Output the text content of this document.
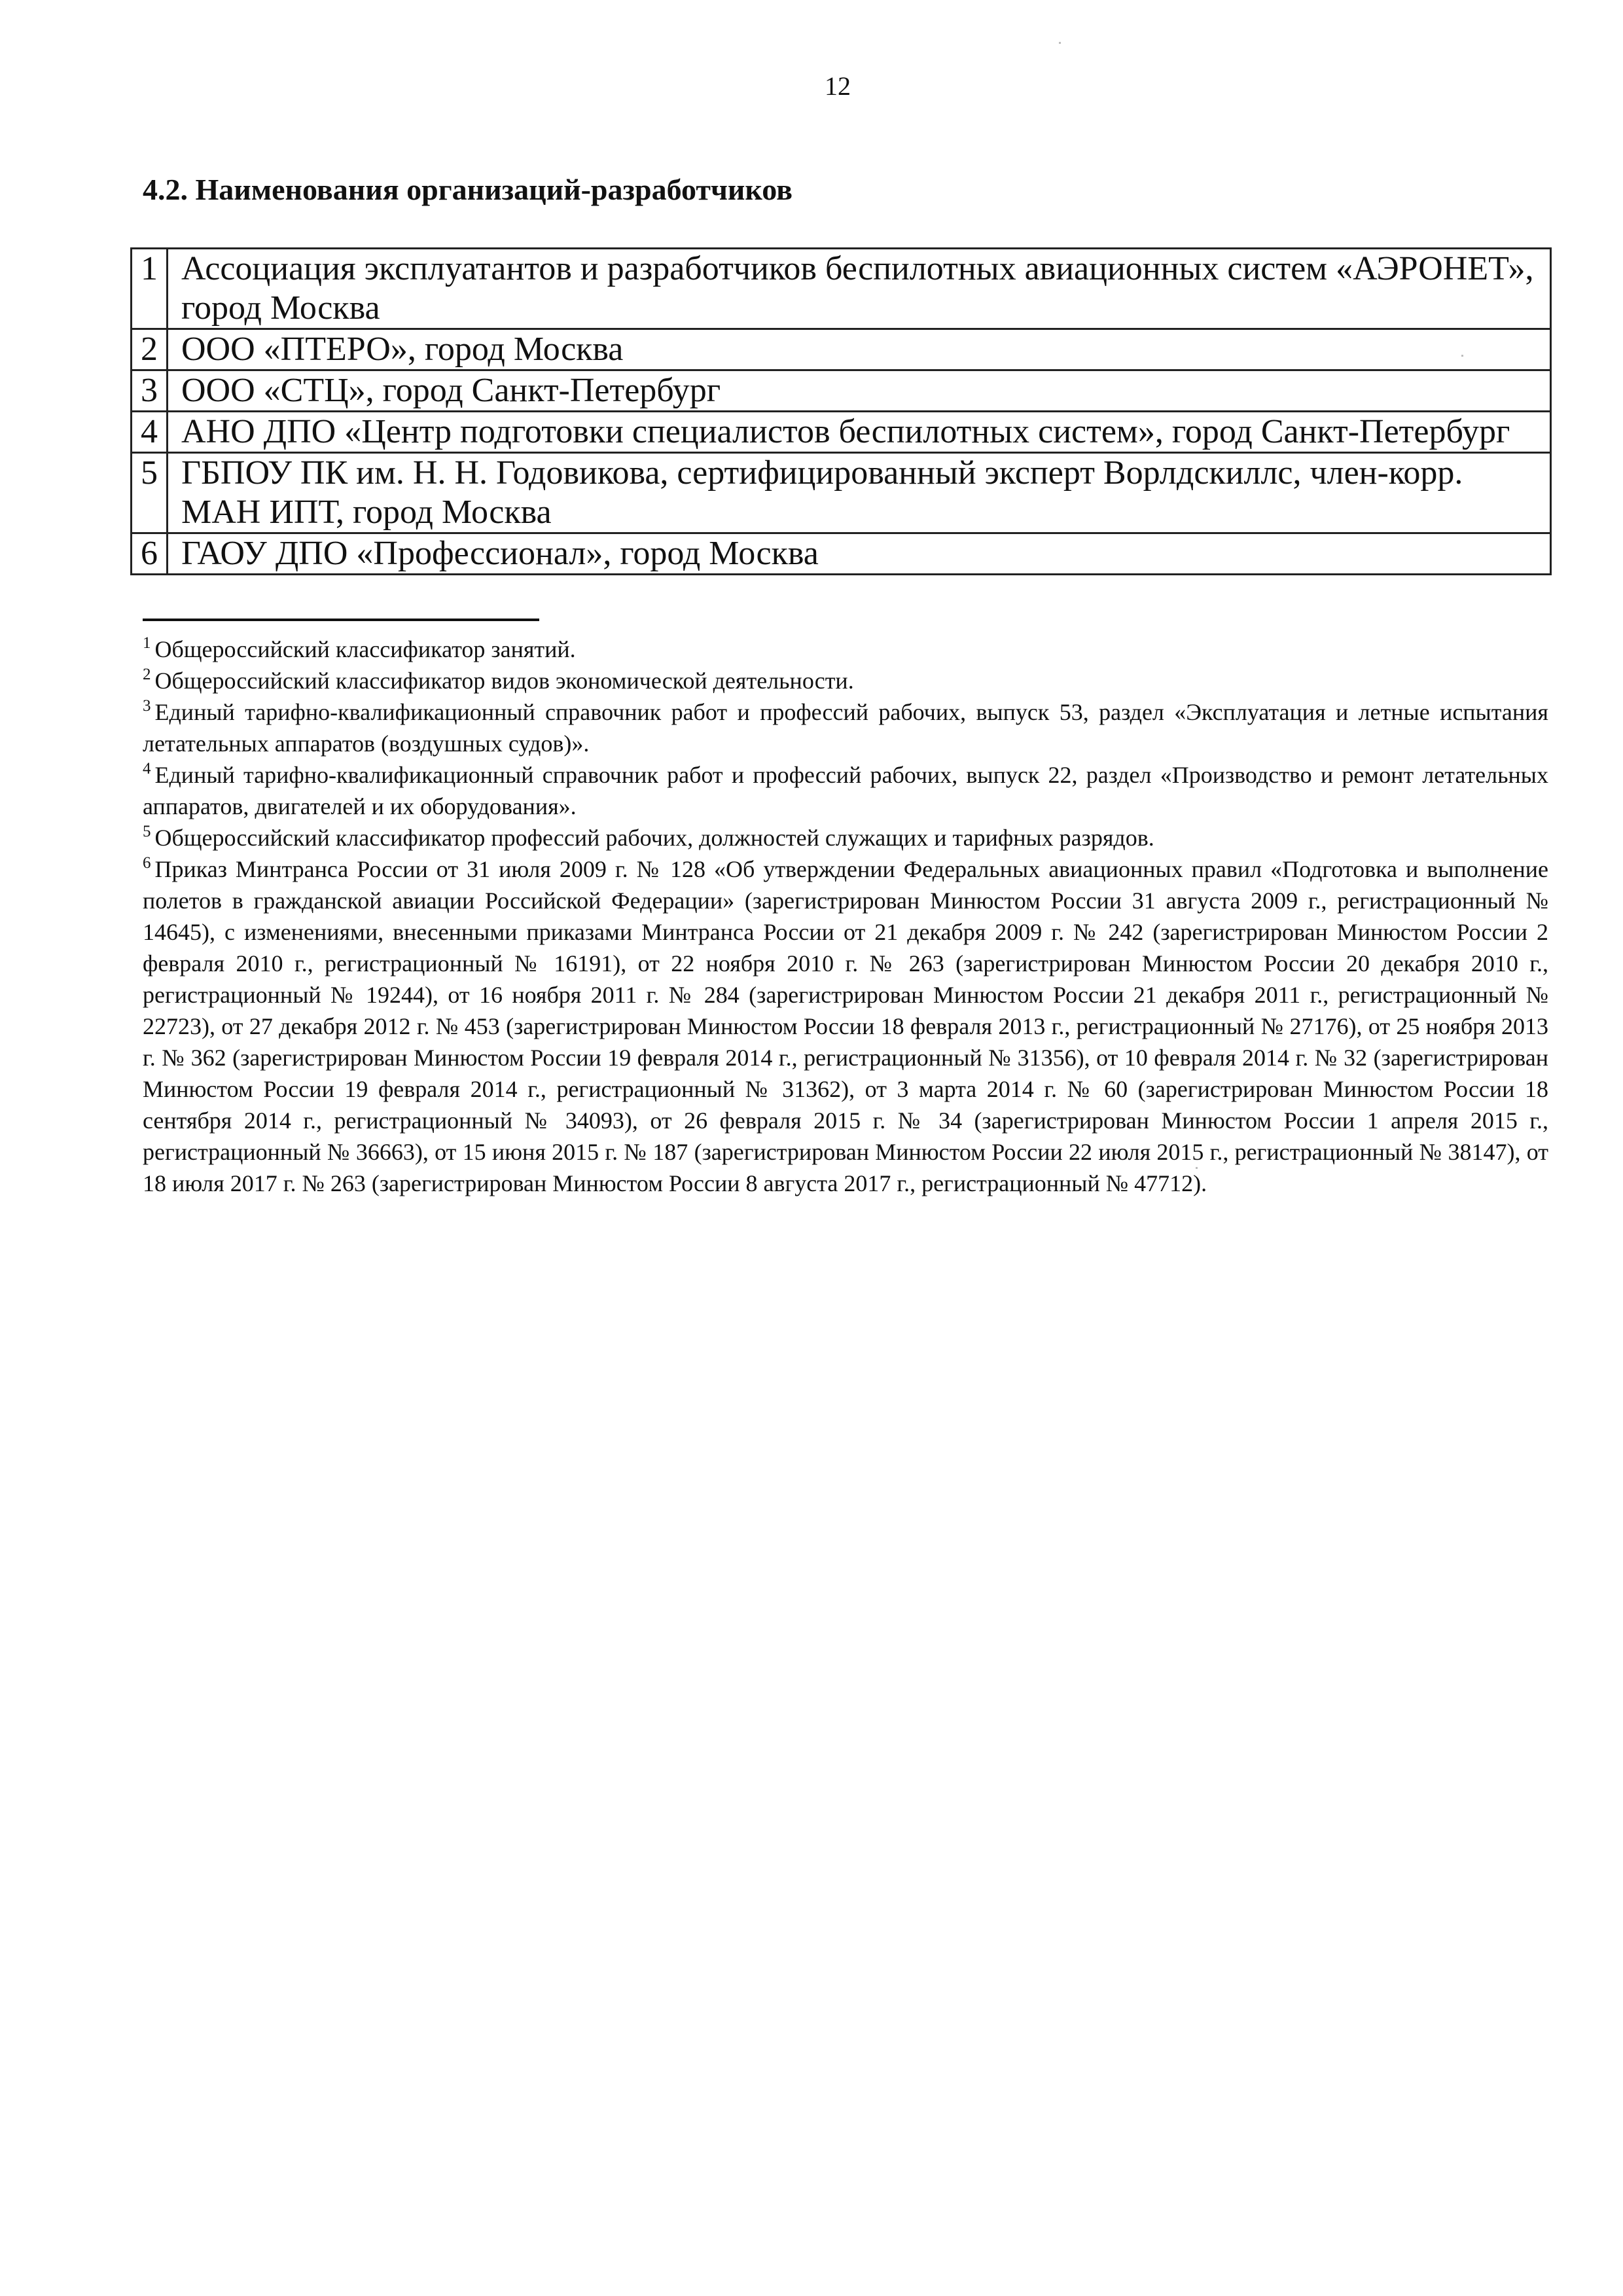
12
4.2. Наименования организаций-разработчиков
1	Ассоциация эксплуатантов и разработчиков беспилотных авиационных систем «АЭРОНЕТ», город Москва
2	ООО «ПТЕРО», город Москва
3	ООО «СТЦ», город Санкт-Петербург
4	АНО ДПО «Центр подготовки специалистов беспилотных систем», город Санкт-Петербург
5	ГБПОУ ПК им. Н. Н. Годовикова, сертифицированный эксперт Ворлдскиллс, член-корр. МАН ИПТ, город Москва
6	ГАОУ ДПО «Профессионал», город Москва

$^1$ Общероссийский классификатор занятий.

$^2$ Общероссийский классификатор видов экономической деятельности.

$^3$ Единый тарифно-квалификационный справочник работ и профессий рабочих, выпуск 53, раздел «Эксплуатация и летные испытания летательных аппаратов (воздушных судов)».

$^4$ Единый тарифно-квалификационный справочник работ и профессий рабочих, выпуск 22, раздел «Производство и ремонт летательных аппаратов, двигателей и их оборудования».

$^5$ Общероссийский классификатор профессий рабочих, должностей служащих и тарифных разрядов.

$^6$ Приказ Минтранса России от 31 июля 2009 г. № 128 «Об утверждении Федеральных авиационных правил «Подготовка и выполнение полетов в гражданской авиации Российской Федерации» (зарегистрирован Минюстом России 31 августа 2009 г., регистрационный № 14645), с изменениями, внесенными приказами Минтранса России от 21 декабря 2009 г. № 242 (зарегистрирован Минюстом России 2 февраля 2010 г., регистрационный № 16191), от 22 ноября 2010 г. № 263 (зарегистрирован Минюстом России 20 декабря 2010 г., регистрационный № 19244), от 16 ноября 2011 г. № 284 (зарегистрирован Минюстом России 21 декабря 2011 г., регистрационный № 22723), от 27 декабря 2012 г. № 453 (зарегистрирован Минюстом России 18 февраля 2013 г., регистрационный № 27176), от 25 ноября 2013 г. № 362 (зарегистрирован Минюстом России 19 февраля 2014 г., регистрационный № 31356), от 10 февраля 2014 г. № 32 (зарегистрирован Минюстом России 19 февраля 2014 г., регистрационный № 31362), от 3 марта 2014 г. № 60 (зарегистрирован Минюстом России 18 сентября 2014 г., регистрационный № 34093), от 26 февраля 2015 г. № 34 (зарегистрирован Минюстом России 1 апреля 2015 г., регистрационный № 36663), от 15 июня 2015 г. № 187 (зарегистрирован Минюстом России 22 июля 2015 г., регистрационный № 38147), от 18 июля 2017 г. № 263 (зарегистрирован Минюстом России 8 августа 2017 г., регистрационный № 47712).
